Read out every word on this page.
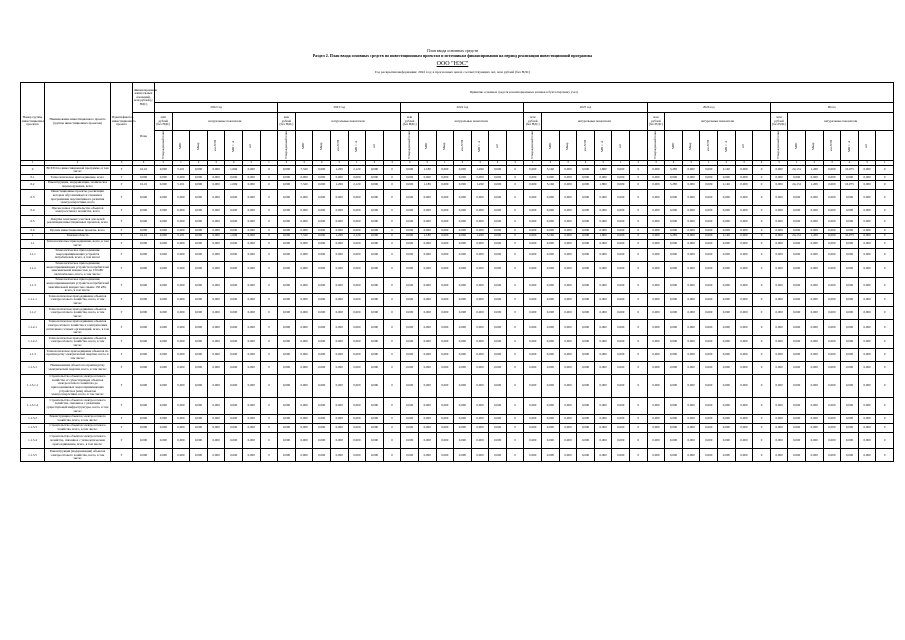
План ввода основных средств
Раздел 2. План ввода основных средств по инвестиционным проектам и источникам финансирования на период реализации инвестиционной программы
ООО "НЭС"
Год раскрытия информации: 2022 год; в прогнозных ценах соответствующих лет, млн рублей (без НДС)
Номер группы инвестиционных проектов	Наименование инвестиционного проекта (группы инвестиционных проектов)	Идентификатор инвестиционного проекта	Финансирование капитальных вложений, млн рублей (с НДС)	Принятие основных средств и нематериальных активов к бухгалтерскому учету																																									
				2022 год							2023 год							2024 год							2025 год							2026 год							Итого						
			План	млн рублей (без НДС)	натуральные показатели						млн рублей (без НДС)	натуральные показатели						млн рублей (без НДС)	натуральные показатели						млн рублей (без НДС)	натуральные показатели						млн рублей (без НДС)	натуральные показатели						млн рублей (без НДС)	натуральные показатели					

				Утвержденный план	МВт	Мвар	км ЛЭП	МВ×А	шт		Утвержденный план	МВт	Мвар	км ЛЭП	МВ×А	шт		Утвержденный план	МВт	Мвар	км ЛЭП	МВ×А	шт		Утвержденный план	МВт	Мвар	км ЛЭП	МВ×А	шт		Утвержденный план	МВт	Мвар	км ЛЭП	МВ×А	шт		Утвержденный план	МВт	Мвар	км ЛЭП	МВ×А	шт	

1	2	3	4	5	1	2	3	4	5	1	2	3	4	5	1	2	3	4	5	1	2	3	4	5	1	2	3	4	5	1	2	3	4	5	1	2	3	4	5	1	2	3	4	5	1
0	ВСЕГО по инвестиционной программе, в том числе:	Г	16,10	0,000	5,101	0,000	0,000	1,069	0,000	0	0,000	7,320	0,000	1,200	2,120	0,000	0	0,000	1,180	0,000	0,000	1,290	0,000	0	0,000	5,160	0,000	0,000	1,800	0,000	0	0,000	3,285	0,000	0,000	2,140	0,000	0	0,000	24,131	1,200	0,000	10,075	0,000	0
0.1	Технологическое присоединение, всего	Г	0,000	0,000	0,000	0,000	0,000	0,000	0,000	0	0,000	0,000	0,000	0,000	0,000	0,000	0	0,000	0,000	0,000	0,000	0,000	0,000	0	0,000	0,000	0,000	0,000	0,000	0,000	0	0,000	0,000	0,000	0,000	0,000	0,000	0	0,000	0,000	0,000	0,000	0,000	0,000	0
0.2	Реконструкция, модернизация, техническое перевооружение, всего	Г	16,10	0,000	5,101	0,000	0,000	1,069	0,000	0	0,000	7,320	0,000	1,200	2,120	0,000	0	0,000	1,180	0,000	0,000	1,290	0,000	0	0,000	5,160	0,000	0,000	1,800	0,000	0	0,000	3,285	0,000	0,000	2,140	0,000	0	0,000	24,131	1,200	0,000	10,075	0,000	0
0.3	Инвестиционные проекты, реализация которых обуславливается схемами и программами перспективного развития электроэнергетики, всего	Г	0,000	0,000	0,000	0,000	0,000	0,000	0,000	0	0,000	0,000	0,000	0,000	0,000	0,000	0	0,000	0,000	0,000	0,000	0,000	0,000	0	0,000	0,000	0,000	0,000	0,000	0,000	0	0,000	0,000	0,000	0,000	0,000	0,000	0	0,000	0,000	0,000	0,000	0,000	0,000	0
0.4	Прочее новое строительство объектов электросетевого хозяйства, всего	Г	0,000	0,000	0,000	0,000	0,000	0,000	0,000	0	0,000	0,000	0,000	0,000	0,000	0,000	0	0,000	0,000	0,000	0,000	0,000	0,000	0	0,000	0,000	0,000	0,000	0,000	0,000	0	0,000	0,000	0,000	0,000	0,000	0,000	0	0,000	0,000	0,000	0,000	0,000	0,000	0
0.5	Покупка земельных участков для целей реализации инвестиционных проектов, всего	Г	0,000	0,000	0,000	0,000	0,000	0,000	0,000	0	0,000	0,000	0,000	0,000	0,000	0,000	0	0,000	0,000	0,000	0,000	0,000	0,000	0	0,000	0,000	0,000	0,000	0,000	0,000	0	0,000	0,000	0,000	0,000	0,000	0,000	0	0,000	0,000	0,000	0,000	0,000	0,000	0
0.6	Прочие инвестиционные проекты, всего	Г	0,000	0,000	0,000	0,000	0,000	0,000	0,000	0	0,000	0,000	0,000	0,000	0,000	0,000	0	0,000	0,000	0,000	0,000	0,000	0,000	0	0,000	0,000	0,000	0,000	0,000	0,000	0	0,000	0,000	0,000	0,000	0,000	0,000	0	0,000	0,000	0,000	0,000	0,000	0,000	0
1	Томская область	Г	16,10	0,000	5,101	0,000	0,000	1,069	0,000	0	0,000	7,320	0,000	1,200	2,120	0,000	0	0,000	1,180	0,000	0,000	1,290	0,000	0	0,000	5,160	0,000	0,000	1,800	0,000	0	0,000	3,285	0,000	0,000	2,140	0,000	0	0,000	24,131	1,200	0,000	10,075	0,000	0
1.1	Технологическое присоединение, всего, в том числе:	Г	0,000	0,000	0,000	0,000	0,000	0,000	0,000	0	0,000	0,000	0,000	0,000	0,000	0,000	0	0,000	0,000	0,000	0,000	0,000	0,000	0	0,000	0,000	0,000	0,000	0,000	0,000	0	0,000	0,000	0,000	0,000	0,000	0,000	0	0,000	0,000	0,000	0,000	0,000	0,000	0
1.1.1	Технологическое присоединение энергопринимающих устройств потребителей, всего, в том числе:	Г	0,000	0,000	0,000	0,000	0,000	0,000	0,000	0	0,000	0,000	0,000	0,000	0,000	0,000	0	0,000	0,000	0,000	0,000	0,000	0,000	0	0,000	0,000	0,000	0,000	0,000	0,000	0	0,000	0,000	0,000	0,000	0,000	0,000	0	0,000	0,000	0,000	0,000	0,000	0,000	0
1.1.2	Технологическое присоединение энергопринимающих устройств потребителей максимальной мощностью до 150 кВт включительно, всего, в том числе:	Г	0,000	0,000	0,000	0,000	0,000	0,000	0,000	0	0,000	0,000	0,000	0,000	0,000	0,000	0	0,000	0,000	0,000	0,000	0,000	0,000	0	0,000	0,000	0,000	0,000	0,000	0,000	0	0,000	0,000	0,000	0,000	0,000	0,000	0	0,000	0,000	0,000	0,000	0,000	0,000	0
1.1.3	Технологическое присоединение энергопринимающих устройств потребителей максимальной мощностью свыше 150 кВт, всего, в том числе:	Г	0,000	0,000	0,000	0,000	0,000	0,000	0,000	0	0,000	0,000	0,000	0,000	0,000	0,000	0	0,000	0,000	0,000	0,000	0,000	0,000	0	0,000	0,000	0,000	0,000	0,000	0,000	0	0,000	0,000	0,000	0,000	0,000	0,000	0	0,000	0,000	0,000	0,000	0,000	0,000	0
1.1.1.1	Технологическое присоединение объектов электросетевого хозяйства, всего, в том числе:	Г	0,000	0,000	0,000	0,000	0,000	0,000	0,000	0	0,000	0,000	0,000	0,000	0,000	0,000	0	0,000	0,000	0,000	0,000	0,000	0,000	0	0,000	0,000	0,000	0,000	0,000	0,000	0	0,000	0,000	0,000	0,000	0,000	0,000	0	0,000	0,000	0,000	0,000	0,000	0,000	0
1.1.2	Технологическое присоединение объектов электросетевого хозяйства, всего, в том числе:	Г	0,000	0,000	0,000	0,000	0,000	0,000	0,000	0	0,000	0,000	0,000	0,000	0,000	0,000	0	0,000	0,000	0,000	0,000	0,000	0,000	0	0,000	0,000	0,000	0,000	0,000	0,000	0	0,000	0,000	0,000	0,000	0,000	0,000	0	0,000	0,000	0,000	0,000	0,000	0,000	0
1.1.2.1	Технологическое присоединение объектов электросетевого хозяйства к электрическим сетям иных сетевых организаций, всего, в том числе:	Г	0,000	0,000	0,000	0,000	0,000	0,000	0,000	0	0,000	0,000	0,000	0,000	0,000	0,000	0	0,000	0,000	0,000	0,000	0,000	0,000	0	0,000	0,000	0,000	0,000	0,000	0,000	0	0,000	0,000	0,000	0,000	0,000	0,000	0	0,000	0,000	0,000	0,000	0,000	0,000	0
1.1.2.2	Технологическое присоединение объектов электросетевого хозяйства, всего, в том числе:	Г	0,000	0,000	0,000	0,000	0,000	0,000	0,000	0	0,000	0,000	0,000	0,000	0,000	0,000	0	0,000	0,000	0,000	0,000	0,000	0,000	0	0,000	0,000	0,000	0,000	0,000	0,000	0	0,000	0,000	0,000	0,000	0,000	0,000	0	0,000	0,000	0,000	0,000	0,000	0,000	0
1.1.3	Технологическое присоединение объектов по производству электрической энергии, всего, в том числе:	Г	0,000	0,000	0,000	0,000	0,000	0,000	0,000	0	0,000	0,000	0,000	0,000	0,000	0,000	0	0,000	0,000	0,000	0,000	0,000	0,000	0	0,000	0,000	0,000	0,000	0,000	0,000	0	0,000	0,000	0,000	0,000	0,000	0,000	0	0,000	0,000	0,000	0,000	0,000	0,000	0
1.1.3.1	Наименование объекта по производству электрической энергии, всего, в том числе:	Г	0,000	0,000	0,000	0,000	0,000	0,000	0,000	0	0,000	0,000	0,000	0,000	0,000	0,000	0	0,000	0,000	0,000	0,000	0,000	0,000	0	0,000	0,000	0,000	0,000	0,000	0,000	0	0,000	0,000	0,000	0,000	0,000	0,000	0	0,000	0,000	0,000	0,000	0,000	0,000	0
1.1.3.1.1	Строительство объектов электросетевого хозяйства от существующих объектов электросетевого хозяйства до присоединяемых энергопринимающих устройств и (или) объектов электроэнергетики, всего, в том числе:	Г	0,000	0,000	0,000	0,000	0,000	0,000	0,000	0	0,000	0,000	0,000	0,000	0,000	0,000	0	0,000	0,000	0,000	0,000	0,000	0,000	0	0,000	0,000	0,000	0,000	0,000	0,000	0	0,000	0,000	0,000	0,000	0,000	0,000	0	0,000	0,000	0,000	0,000	0,000	0,000	0
1.1.3.1.2	Строительство объектов электросетевого хозяйства, связанное с развитием существующей инфраструктуры, всего, в том числе:	Г	0,000	0,000	0,000	0,000	0,000	0,000	0,000	0	0,000	0,000	0,000	0,000	0,000	0,000	0	0,000	0,000	0,000	0,000	0,000	0,000	0	0,000	0,000	0,000	0,000	0,000	0,000	0	0,000	0,000	0,000	0,000	0,000	0,000	0	0,000	0,000	0,000	0,000	0,000	0,000	0
1.1.3.2	Реконструкция объектов электросетевого хозяйства, всего, в том числе:	Г	0,000	0,000	0,000	0,000	0,000	0,000	0,000	0	0,000	0,000	0,000	0,000	0,000	0,000	0	0,000	0,000	0,000	0,000	0,000	0,000	0	0,000	0,000	0,000	0,000	0,000	0,000	0	0,000	0,000	0,000	0,000	0,000	0,000	0	0,000	0,000	0,000	0,000	0,000	0,000	0
1.1.3.3	Строительство объектов электросетевого хозяйства, всего, в том числе:	Г	0,000	0,000	0,000	0,000	0,000	0,000	0,000	0	0,000	0,000	0,000	0,000	0,000	0,000	0	0,000	0,000	0,000	0,000	0,000	0,000	0	0,000	0,000	0,000	0,000	0,000	0,000	0	0,000	0,000	0,000	0,000	0,000	0,000	0	0,000	0,000	0,000	0,000	0,000	0,000	0
1.1.3.4	Строительство объектов электросетевого хозяйства, связанное с технологическим присоединением, всего, в том числе:	Г	0,000	0,000	0,000	0,000	0,000	0,000	0,000	0	0,000	0,000	0,000	0,000	0,000	0,000	0	0,000	0,000	0,000	0,000	0,000	0,000	0	0,000	0,000	0,000	0,000	0,000	0,000	0	0,000	0,000	0,000	0,000	0,000	0,000	0	0,000	0,000	0,000	0,000	0,000	0,000	0
1.1.3.5	Реконструкция (модернизация) объектов электросетевого хозяйства, всего, в том числе:	Г	0,000	0,000	0,000	0,000	0,000	0,000	0,000	0	0,000	0,000	0,000	0,000	0,000	0,000	0	0,000	0,000	0,000	0,000	0,000	0,000	0	0,000	0,000	0,000	0,000	0,000	0,000	0	0,000	0,000	0,000	0,000	0,000	0,000	0	0,000	0,000	0,000	0,000	0,000	0,000	0
